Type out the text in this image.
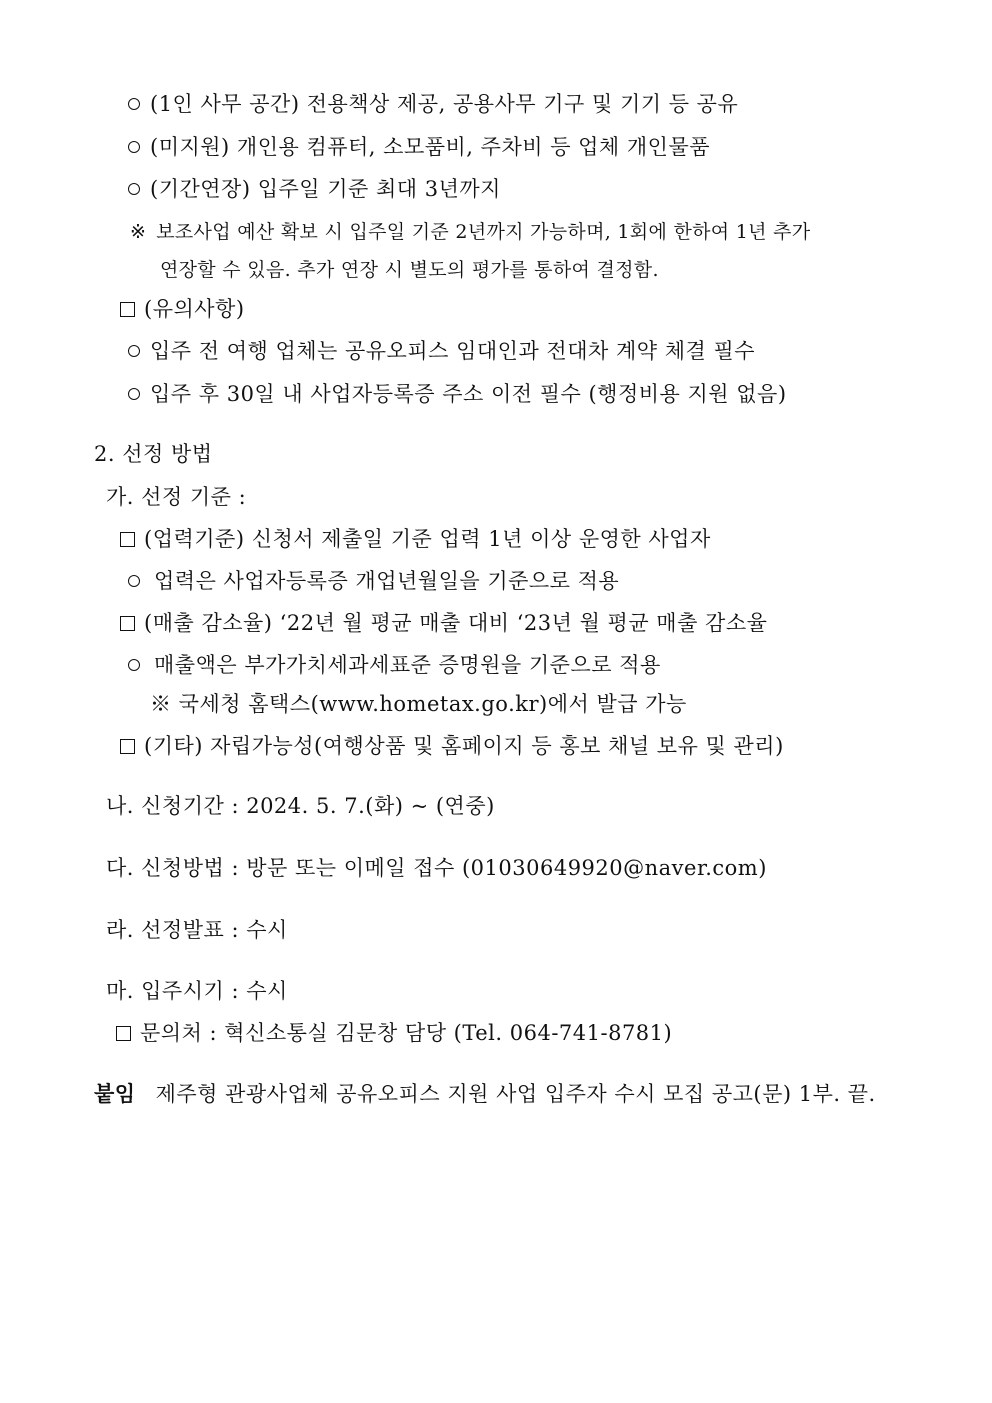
(1인 사무 공간) 전용책상 제공, 공용사무 기구 및 기기 등 공유
(미지원) 개인용 컴퓨터, 소모품비, 주차비 등 업체 개인물품
(기간연장) 입주일 기준 최대 3년까지
※ 보조사업 예산 확보 시 입주일 기준 2년까지 가능하며, 1회에 한하여 1년 추가
연장할 수 있음. 추가 연장 시 별도의 평가를 통하여 결정함.
(유의사항)
입주 전 여행 업체는 공유오피스 임대인과 전대차 계약 체결 필수
입주 후 30일 내 사업자등록증 주소 이전 필수 (행정비용 지원 없음)
2. 선정 방법
가. 선정 기준 :
(업력기준) 신청서 제출일 기준 업력 1년 이상 운영한 사업자
업력은 사업자등록증 개업년월일을 기준으로 적용
(매출 감소율) ‘22년 월 평균 매출 대비 ‘23년 월 평균 매출 감소율
매출액은 부가가치세과세표준 증명원을 기준으로 적용
※ 국세청 홈택스(www.hometax.go.kr)에서 발급 가능
(기타) 자립가능성(여행상품 및 홈페이지 등 홍보 채널 보유 및 관리)
나. 신청기간 : 2024. 5. 7.(화) ~ (연중)
다. 신청방법 : 방문 또는 이메일 접수 (01030649920@naver.com)
라. 선정발표 : 수시
마. 입주시기 : 수시
문의처 : 혁신소통실 김문창 담당 (Tel. 064-741-8781)
붙임 제주형 관광사업체 공유오피스 지원 사업 입주자 수시 모집 공고(문) 1부. 끝.
